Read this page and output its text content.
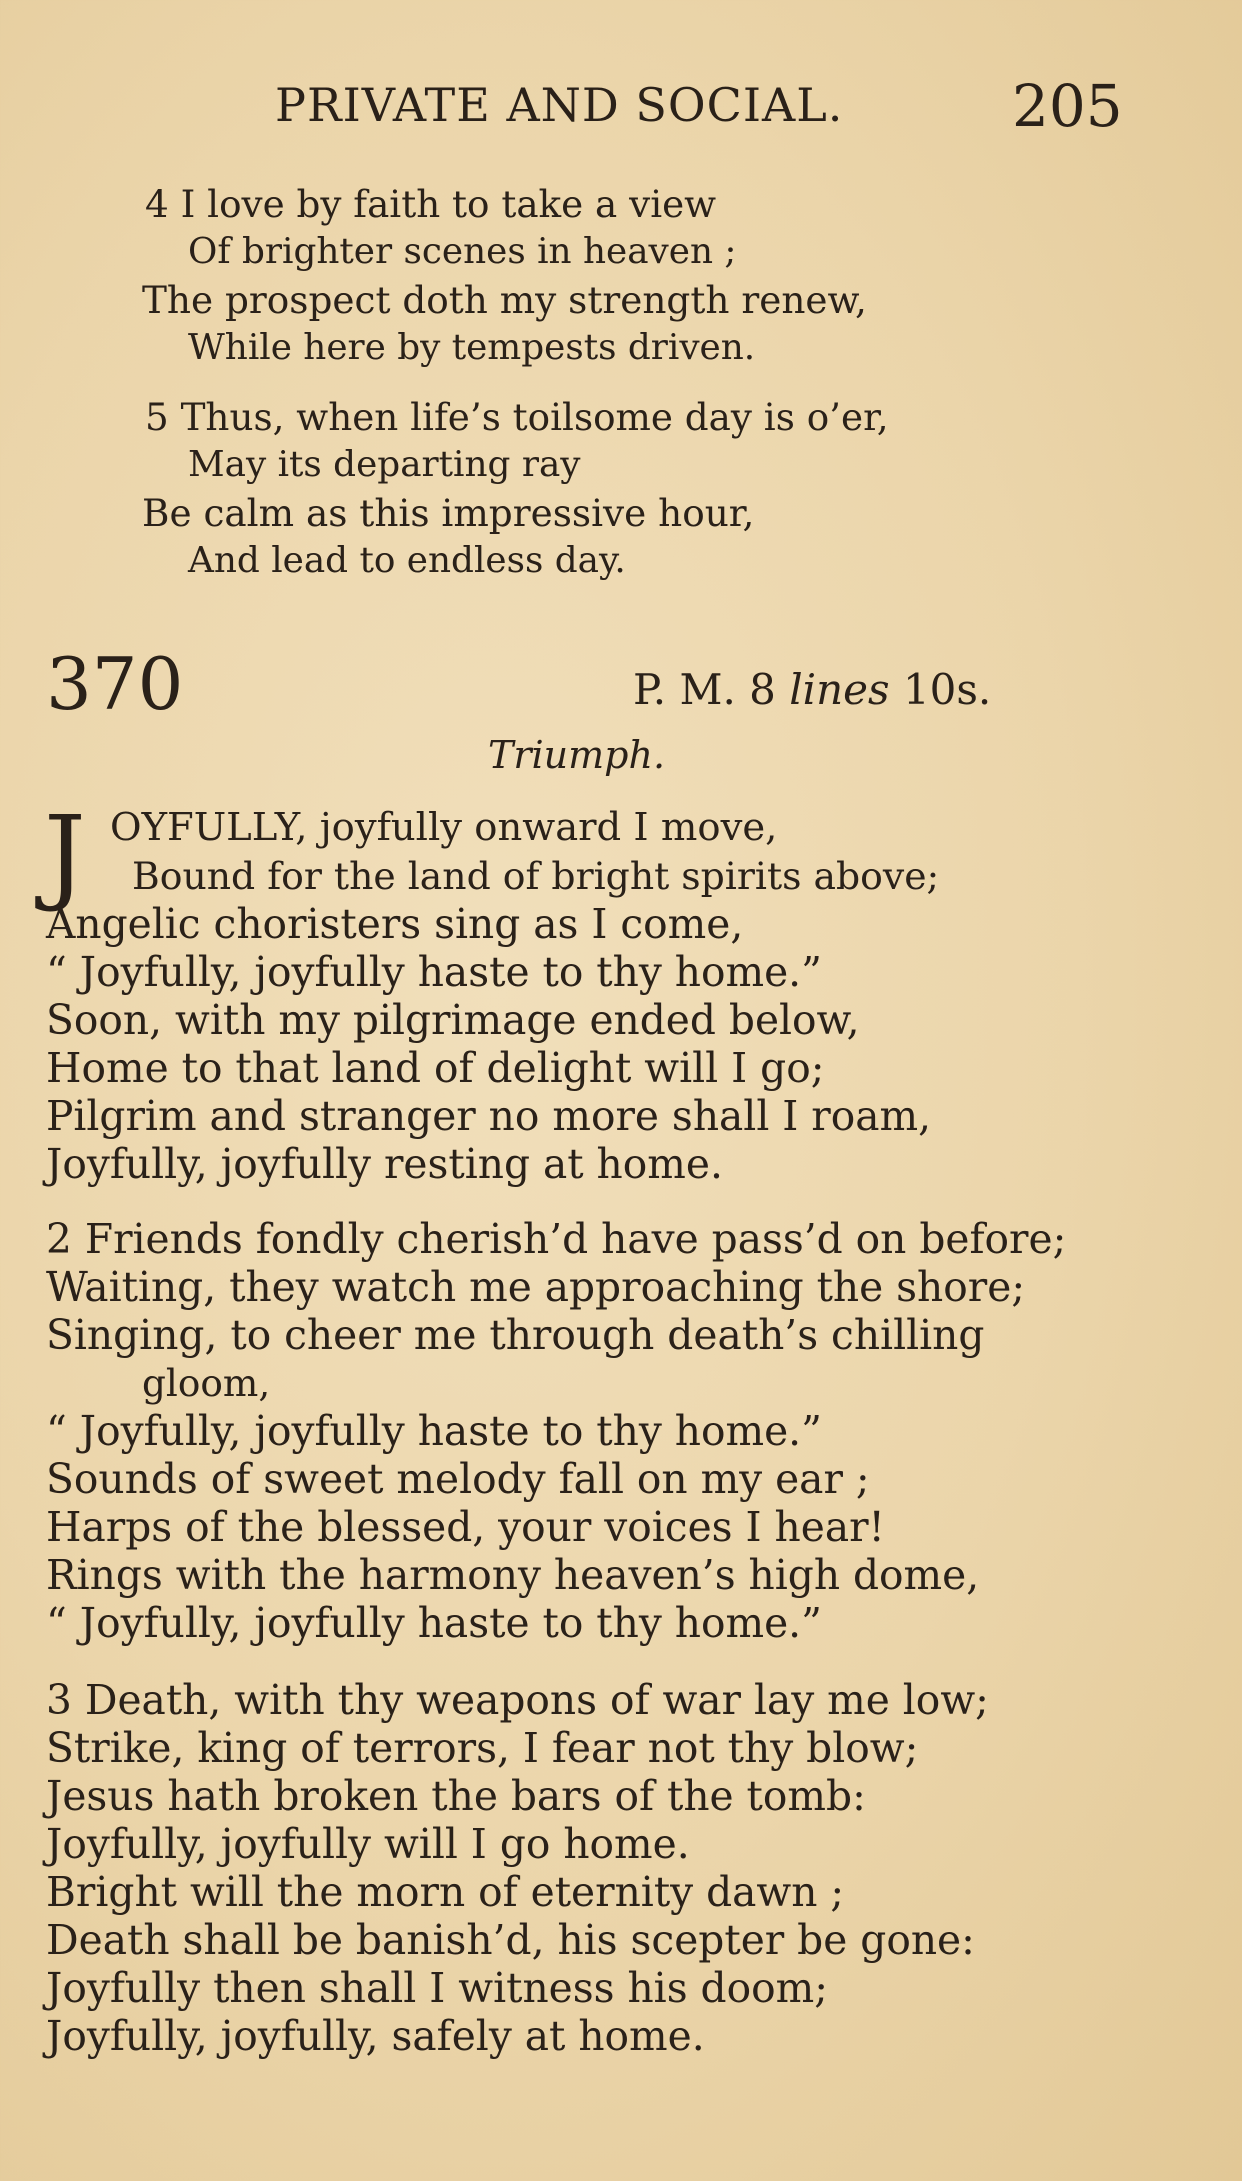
PRIVATE AND SOCIAL.	205
4 I love by faith to take a view
Of brighter scenes in heaven ;
The prospect doth my strength renew,
While here by tempests driven.
5 Thus, when life’s toilsome day is o’er,
May its departing ray
Be calm as this impressive hour,
And lead to endless day.
370	P. M. 8 lines 10s.
Triumph.
J OYFULLY, joyfully onward I move,
Bound for the land of bright spirits above;
Angelic choristers sing as I come,
“ Joyfully, joyfully haste to thy home.”
Soon, with my pilgrimage ended below,
Home to that land of delight will I go;
Pilgrim and stranger no more shall I roam,
Joyfully, joyfully resting at home.
2 Friends fondly cherish’d have pass’d on before;
Waiting, they watch me approaching the shore;
Singing, to cheer me through death’s chilling
gloom,
“ Joyfully, joyfully haste to thy home.”
Sounds of sweet melody fall on my ear ;
Harps of the blessed, your voices I hear!
Rings with the harmony heaven’s high dome,
“ Joyfully, joyfully haste to thy home.”
3 Death, with thy weapons of war lay me low;
Strike, king of terrors, I fear not thy blow;
Jesus hath broken the bars of the tomb:
Joyfully, joyfully will I go home.
Bright will the morn of eternity dawn ;
Death shall be banish’d, his scepter be gone:
Joyfully then shall I witness his doom;
Joyfully, joyfully, safely at home.
